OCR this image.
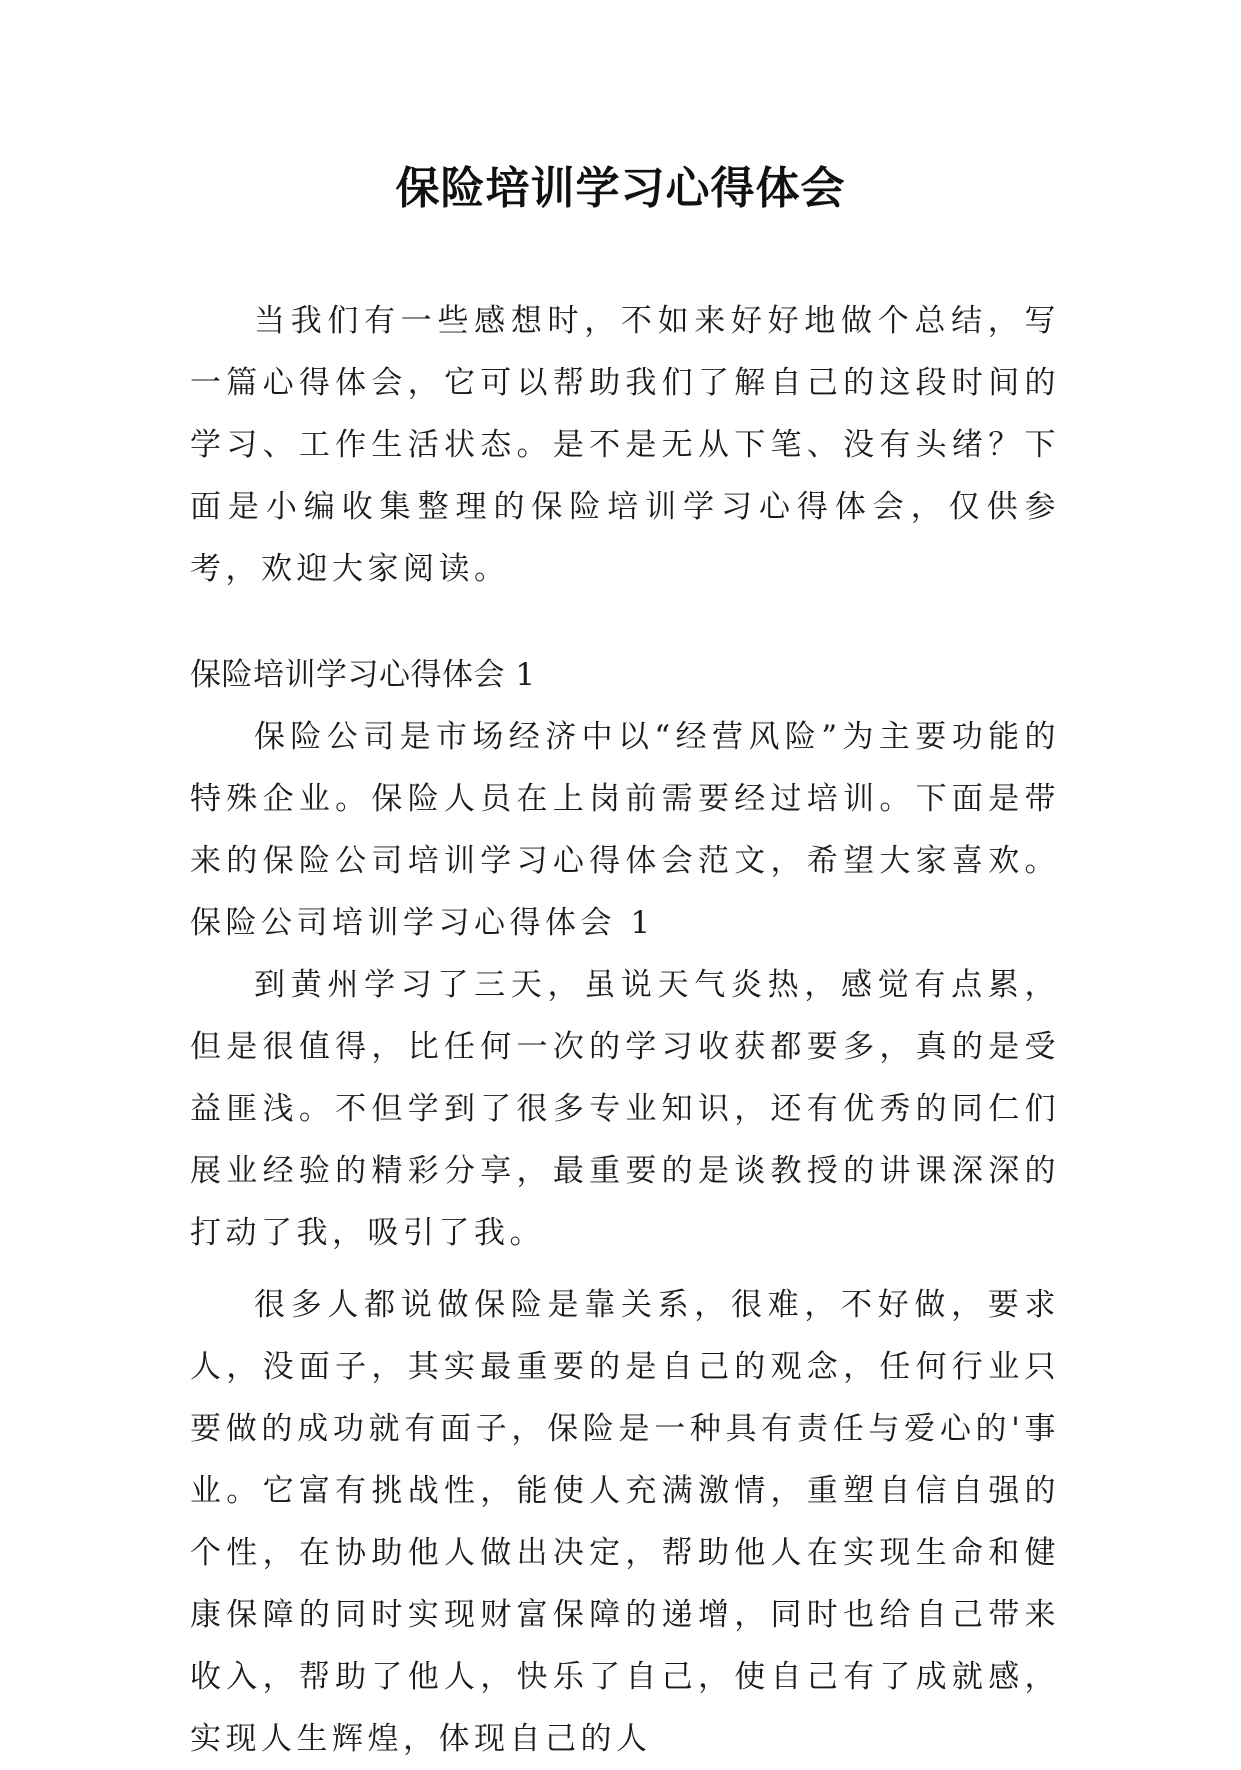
保险培训学习心得体会

当我们有一些感想时，不如来好好地做个总结，写一篇心得体会，它可以帮助我们了解自己的这段时间的学习、工作生活状态。是不是无从下笔、没有头绪？下面是小编收集整理的保险培训学习心得体会，仅供参考，欢迎大家阅读。

保险培训学习心得体会 1

保险公司是市场经济中以“经营风险”为主要功能的特殊企业。保险人员在上岗前需要经过培训。下面是带来的保险公司培训学习心得体会范文，希望大家喜欢。保险公司培训学习心得体会 1

到黄州学习了三天，虽说天气炎热，感觉有点累，但是很值得，比任何一次的学习收获都要多，真的是受益匪浅。不但学到了很多专业知识，还有优秀的同仁们展业经验的精彩分享，最重要的是谈教授的讲课深深的打动了我，吸引了我。

很多人都说做保险是靠关系，很难，不好做，要求人，没面子，其实最重要的是自己的观念，任何行业只要做的成功就有面子，保险是一种具有责任与爱心的'事业。它富有挑战性，能使人充满激情，重塑自信自强的个性，在协助他人做出决定，帮助他人在实现生命和健康保障的同时实现财富保障的递增，同时也给自己带来收入，帮助了他人，快乐了自己，使自己有了成就感，实现人生辉煌，体现自己的人
